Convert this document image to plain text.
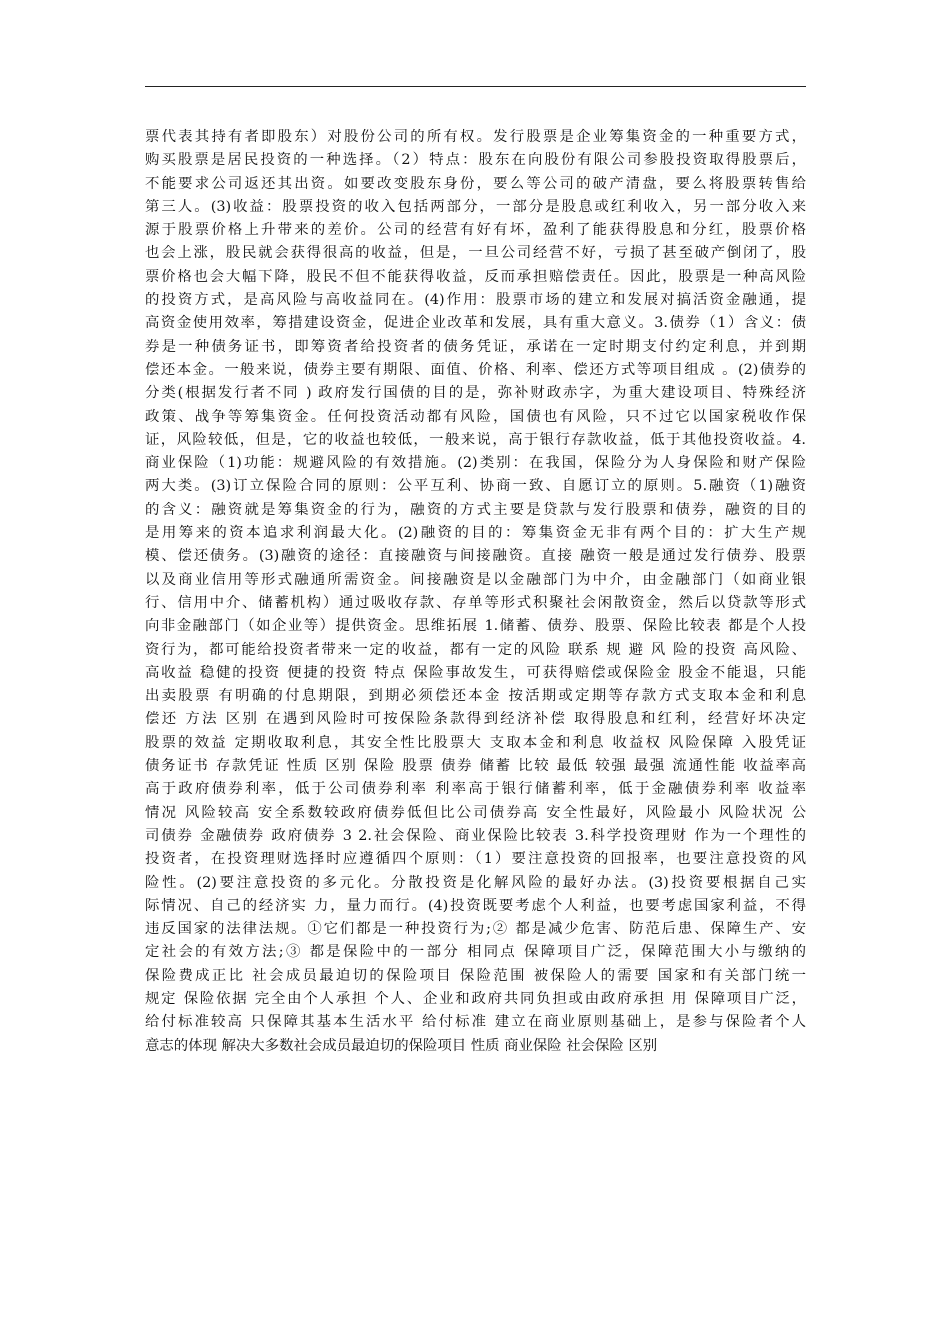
票代表其持有者即股东）对股份公司的所有权。发行股票是企业筹集资金的一种重要方式，
购买股票是居民投资的一种选择。（2）特点：股东在向股份有限公司参股投资取得股票后，
不能要求公司返还其出资。如要改变股东身份，要么等公司的破产清盘，要么将股票转售给
第三人。(3)收益：股票投资的收入包括两部分，一部分是股息或红利收入，另一部分收入来
源于股票价格上升带来的差价。公司的经营有好有坏，盈利了能获得股息和分红，股票价格
也会上涨，股民就会获得很高的收益，但是，一旦公司经营不好，亏损了甚至破产倒闭了，股
票价格也会大幅下降，股民不但不能获得收益，反而承担赔偿责任。因此，股票是一种高风险
的投资方式，是高风险与高收益同在。(4)作用：股票市场的建立和发展对搞活资金融通，提
高资金使用效率，筹措建设资金，促进企业改革和发展，具有重大意义。3.债券（1）含义：债
券是一种债务证书，即筹资者给投资者的债务凭证，承诺在一定时期支付约定利息，并到期
偿还本金。一般来说，债券主要有期限、面值、价格、利率、偿还方式等项目组成 。(2)债券的
分类(根据发行者不同 ) 政府发行国债的目的是，弥补财政赤字，为重大建设项目、特殊经济
政策、战争等筹集资金。任何投资活动都有风险，国债也有风险，只不过它以国家税收作保
证，风险较低，但是，它的收益也较低，一般来说，高于银行存款收益，低于其他投资收益。4.
商业保险（1)功能：规避风险的有效措施。(2)类别：在我国，保险分为人身保险和财产保险
两大类。(3)订立保险合同的原则：公平互利、协商一致、自愿订立的原则。5.融资（1)融资
的含义：融资就是筹集资金的行为，融资的方式主要是贷款与发行股票和债券，融资的目的
是用筹来的资本追求利润最大化。(2)融资的目的：筹集资金无非有两个目的：扩大生产规
模、偿还债务。(3)融资的途径：直接融资与间接融资。直接 融资一般是通过发行债券、股票
以及商业信用等形式融通所需资金。间接融资是以金融部门为中介，由金融部门（如商业银
行、信用中介、储蓄机构）通过吸收存款、存单等形式积聚社会闲散资金，然后以贷款等形式
向非金融部门（如企业等）提供资金。思维拓展 1.储蓄、债券、股票、保险比较表 都是个人投
资行为，都可能给投资者带来一定的收益，都有一定的风险 联系 规 避 风 险的投资 高风险、
高收益 稳健的投资 便捷的投资 特点 保险事故发生，可获得赔偿或保险金 股金不能退，只能
出卖股票 有明确的付息期限，到期必须偿还本金 按活期或定期等存款方式支取本金和利息
偿还 方法 区别 在遇到风险时可按保险条款得到经济补偿 取得股息和红利，经营好坏决定
股票的效益 定期收取利息，其安全性比股票大 支取本金和利息 收益权 风险保障 入股凭证
债务证书 存款凭证 性质 区别 保险 股票 债券 储蓄 比较 最低 较强 最强 流通性能 收益率高
高于政府债券利率，低于公司债券利率 利率高于银行储蓄利率，低于金融债券利率 收益率
情况 风险较高 安全系数较政府债券低但比公司债券高 安全性最好，风险最小 风险状况 公
司债券 金融债券 政府债券 3 2.社会保险、商业保险比较表 3.科学投资理财 作为一个理性的
投资者，在投资理财选择时应遵循四个原则：（1）要注意投资的回报率，也要注意投资的风
险性。(2)要注意投资的多元化。分散投资是化解风险的最好办法。(3)投资要根据自己实
际情况、自己的经济实 力，量力而行。(4)投资既要考虑个人利益，也要考虑国家利益，不得
违反国家的法律法规。①它们都是一种投资行为;② 都是减少危害、防范后患、保障生产、安
定社会的有效方法;③ 都是保险中的一部分 相同点 保障项目广泛，保障范围大小与缴纳的
保险费成正比 社会成员最迫切的保险项目 保险范围 被保险人的需要 国家和有关部门统一
规定 保险依据 完全由个人承担 个人、企业和政府共同负担或由政府承担 用 保障项目广泛，
给付标准较高 只保障其基本生活水平 给付标准 建立在商业原则基础上，是参与保险者个人
意志的体现 解决大多数社会成员最迫切的保险项目 性质 商业保险 社会保险 区别
